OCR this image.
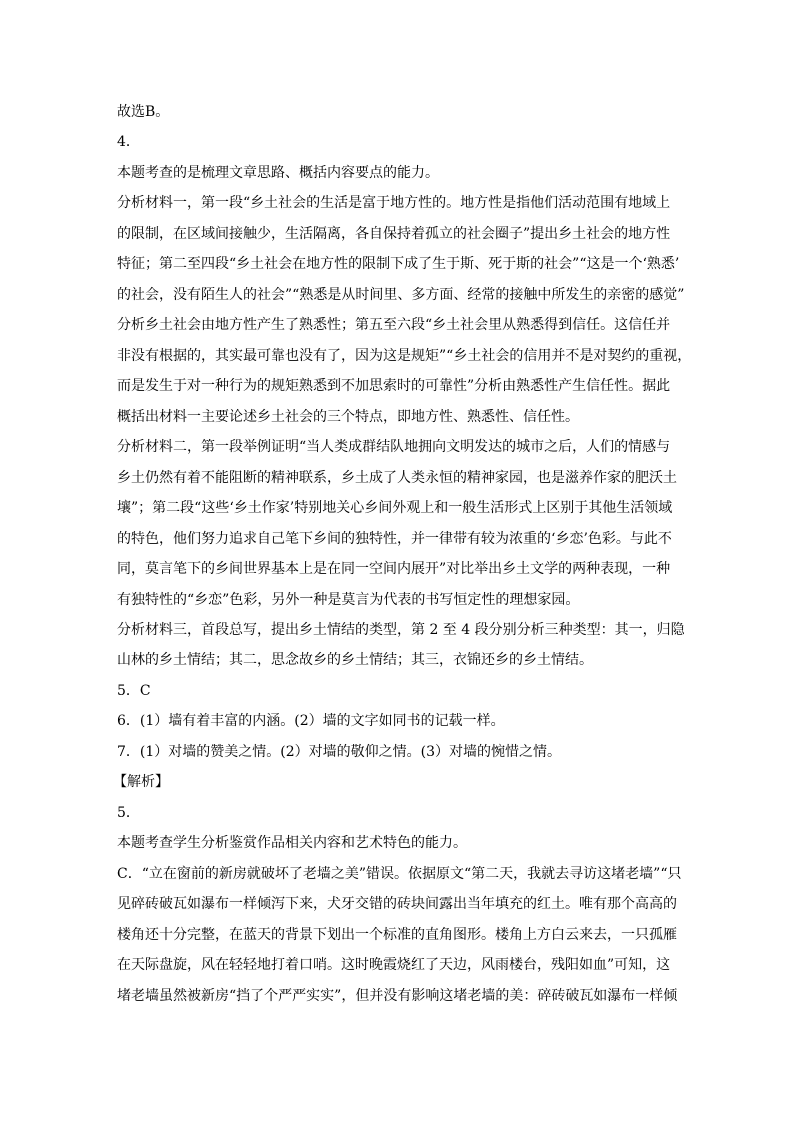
故选B。
4．
本题考查的是梳理文章思路、概括内容要点的能力。
分析材料一，第一段“乡土社会的生活是富于地方性的。地方性是指他们活动范围有地域上
的限制，在区域间接触少，生活隔离，各自保持着孤立的社会圈子”提出乡土社会的地方性
特征；第二至四段“乡土社会在地方性的限制下成了生于斯、死于斯的社会”“这是一个‘熟悉’
的社会，没有陌生人的社会”“熟悉是从时间里、多方面、经常的接触中所发生的亲密的感觉”
分析乡土社会由地方性产生了熟悉性；第五至六段“乡土社会里从熟悉得到信任。这信任并
非没有根据的，其实最可靠也没有了，因为这是规矩”“乡土社会的信用并不是对契约的重视，
而是发生于对一种行为的规矩熟悉到不加思索时的可靠性”分析由熟悉性产生信任性。据此
概括出材料一主要论述乡土社会的三个特点，即地方性、熟悉性、信任性。
分析材料二，第一段举例证明“当人类成群结队地拥向文明发达的城市之后，人们的情感与
乡土仍然有着不能阻断的精神联系，乡土成了人类永恒的精神家园，也是滋养作家的肥沃土
壤”；第二段“这些‘乡土作家’特别地关心乡间外观上和一般生活形式上区别于其他生活领域
的特色，他们努力追求自己笔下乡间的独特性，并一律带有较为浓重的‘乡恋’色彩。与此不
同，莫言笔下的乡间世界基本上是在同一空间内展开”对比举出乡土文学的两种表现，一种
有独特性的“乡恋”色彩，另外一种是莫言为代表的书写恒定性的理想家园。
分析材料三，首段总写，提出乡土情结的类型，第 2 至 4 段分别分析三种类型：其一，归隐
山林的乡土情结；其二，思念故乡的乡土情结；其三，衣锦还乡的乡土情结。
5．C
6．(1）墙有着丰富的内涵。(2）墙的文字如同书的记载一样。
7．(1）对墙的赞美之情。(2）对墙的敬仰之情。(3）对墙的惋惜之情。
【解析】
5．
本题考查学生分析鉴赏作品相关内容和艺术特色的能力。
C．“立在窗前的新房就破坏了老墙之美”错误。依据原文“第二天，我就去寻访这堵老墙”“只
见碎砖破瓦如瀑布一样倾泻下来，犬牙交错的砖块间露出当年填充的红土。唯有那个高高的
楼角还十分完整，在蓝天的背景下划出一个标准的直角图形。楼角上方白云来去，一只孤雁
在天际盘旋，风在轻轻地打着口哨。这时晚霞烧红了天边，风雨楼台，残阳如血”可知，这
堵老墙虽然被新房“挡了个严严实实”，但并没有影响这堵老墙的美：碎砖破瓦如瀑布一样倾
